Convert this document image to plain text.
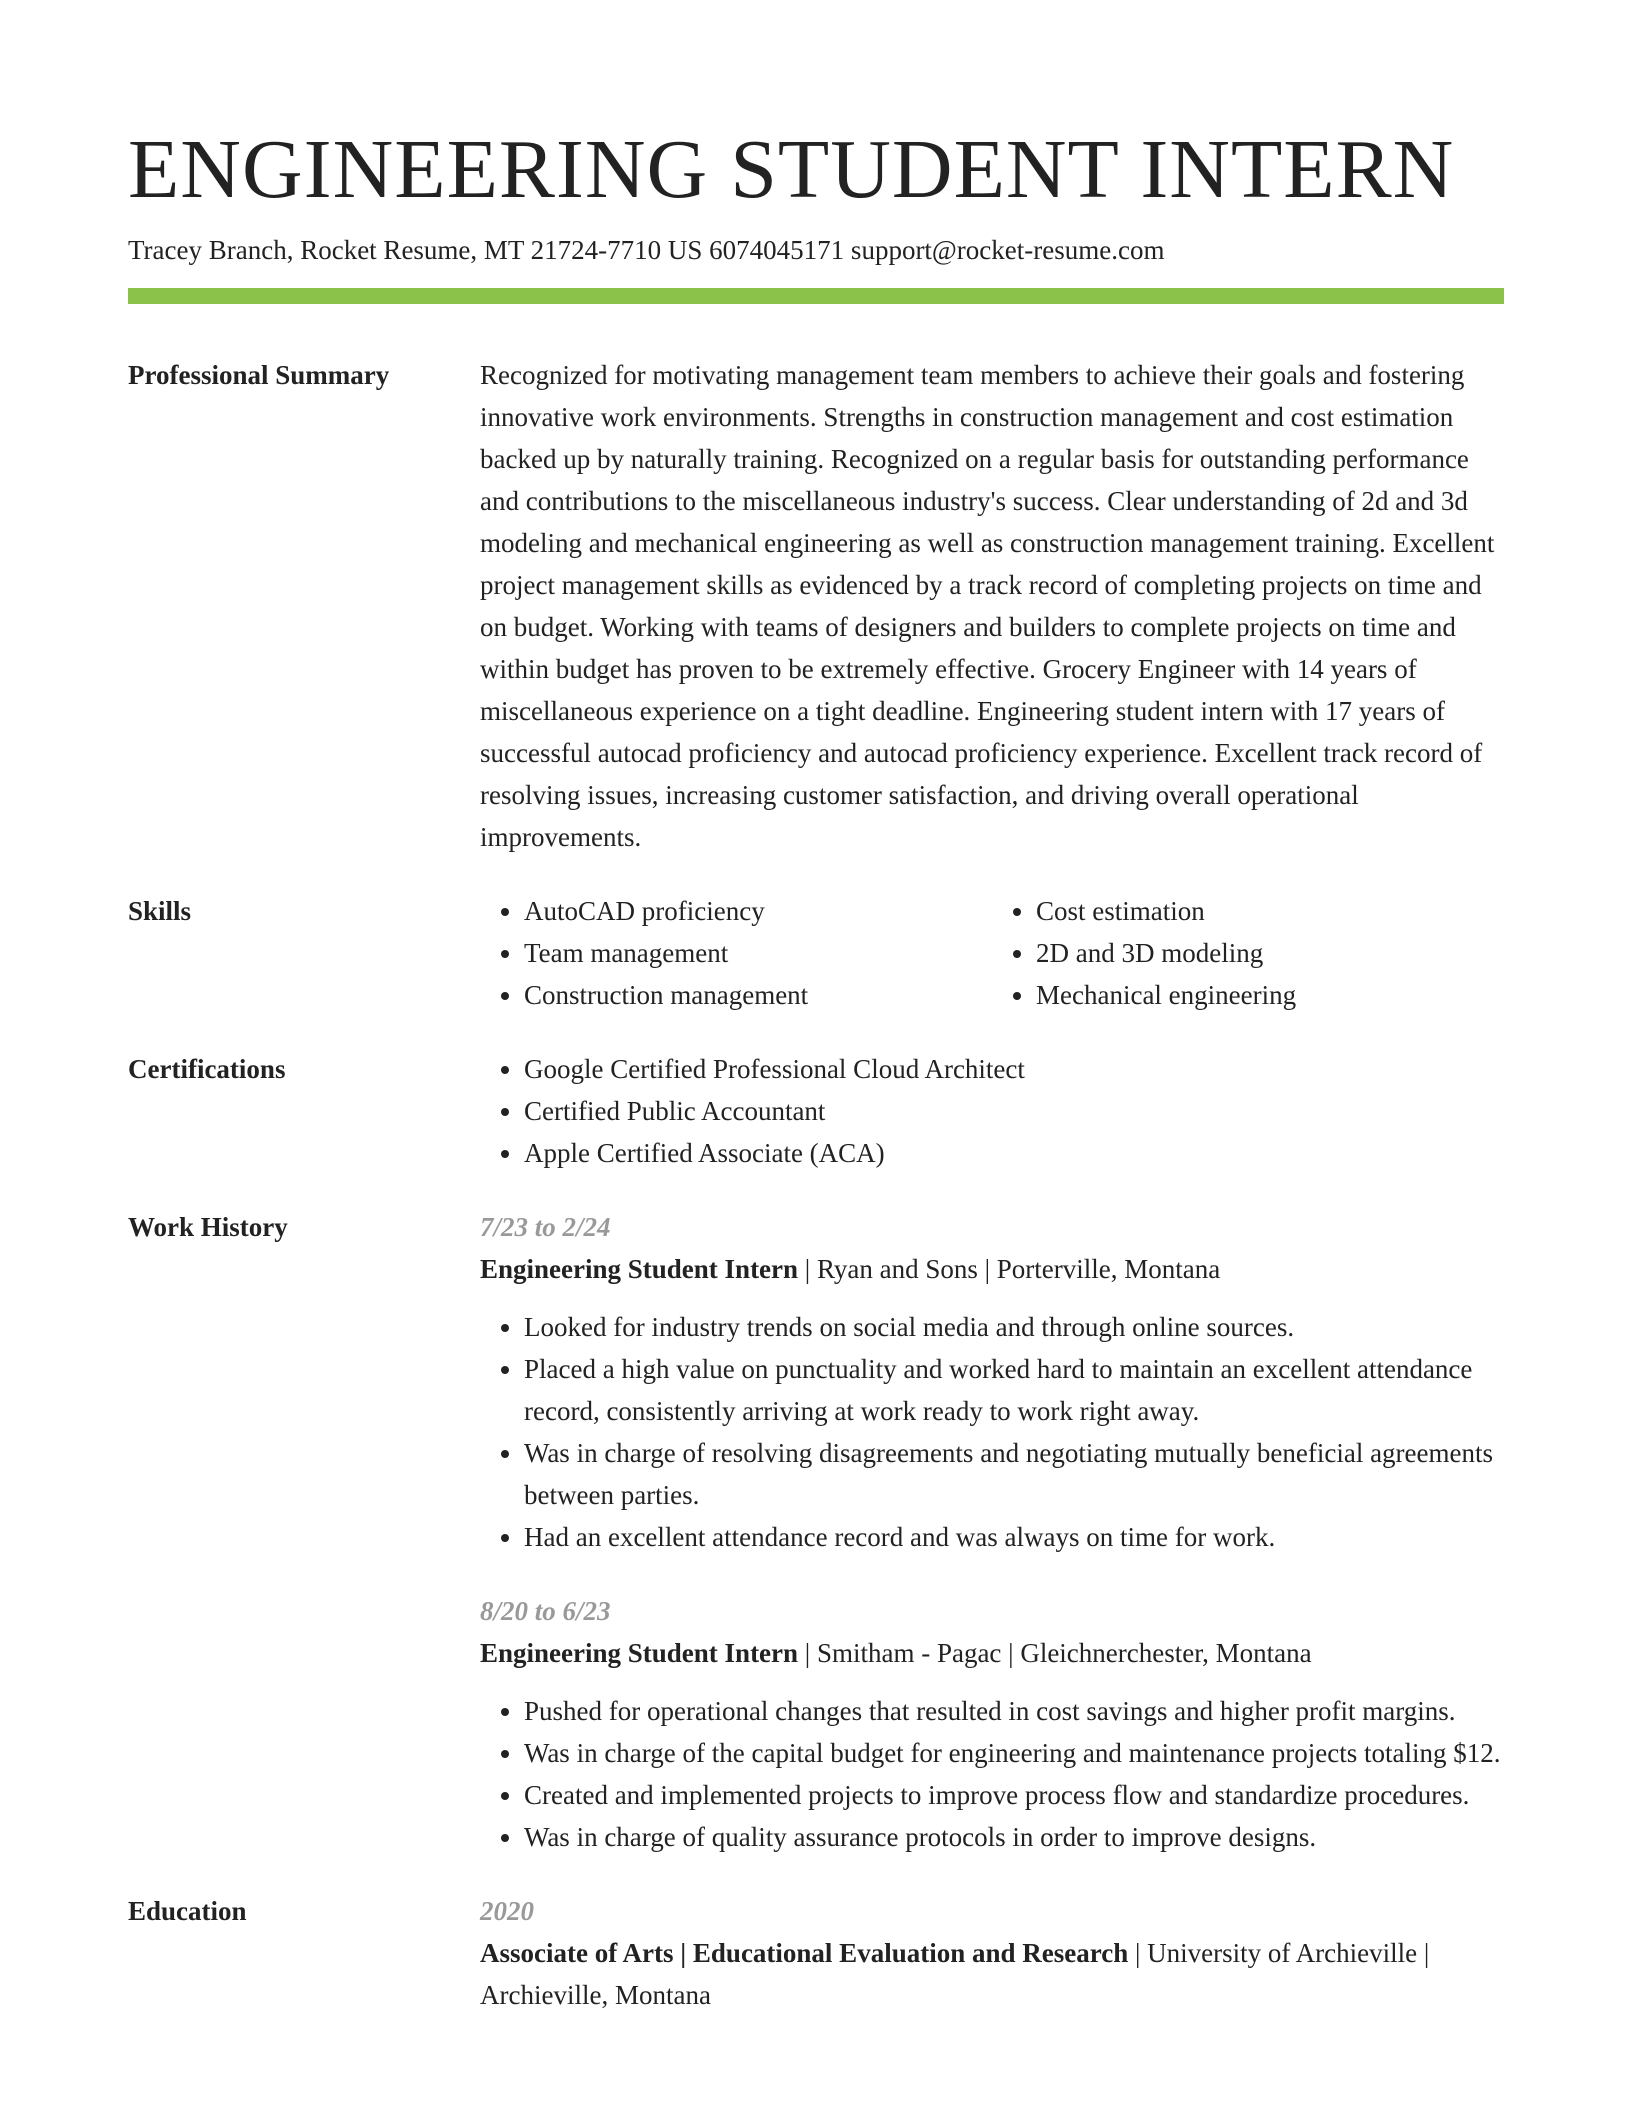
ENGINEERING STUDENT INTERN
Tracey Branch, Rocket Resume, MT 21724-7710 US 6074045171 support@rocket-resume.com
Professional Summary	Recognized for motivating management team members to achieve their goals and fostering innovative work environments. Strengths in construction management and cost estimation backed up by naturally training. Recognized on a regular basis for outstanding performance and contributions to the miscellaneous industry's success. Clear understanding of 2d and 3d modeling and mechanical engineering as well as construction management training. Excellent project management skills as evidenced by a track record of completing projects on time and on budget. Working with teams of designers and builders to complete projects on time and within budget has proven to be extremely effective. Grocery Engineer with 14 years of miscellaneous experience on a tight deadline. Engineering student intern with 17 years of successful autocad proficiency and autocad proficiency experience. Excellent track record of resolving issues, increasing customer satisfaction, and driving overall operational improvements.

Skills	• AutoCAD proficiency
• Team management
• Construction management
• Cost estimation
• 2D and 3D modeling
• Mechanical engineering
Certifications	• Google Certified Professional Cloud Architect
• Certified Public Accountant
• Apple Certified Associate (ACA)
Work History	7/23 to 2/24
Engineering Student Intern | Ryan and Sons | Porterville, Montana
• Looked for industry trends on social media and through online sources.
• Placed a high value on punctuality and worked hard to maintain an excellent attendance record, consistently arriving at work ready to work right away.
• Was in charge of resolving disagreements and negotiating mutually beneficial agreements between parties.
• Had an excellent attendance record and was always on time for work.
8/20 to 6/23
Engineering Student Intern | Smitham - Pagac | Gleichnerchester, Montana
• Pushed for operational changes that resulted in cost savings and higher profit margins.
• Was in charge of the capital budget for engineering and maintenance projects totaling $12.
• Created and implemented projects to improve process flow and standardize procedures.
• Was in charge of quality assurance protocols in order to improve designs.
Education	2020
Associate of Arts | Educational Evaluation and Research | University of Archieville | Archieville, Montana
